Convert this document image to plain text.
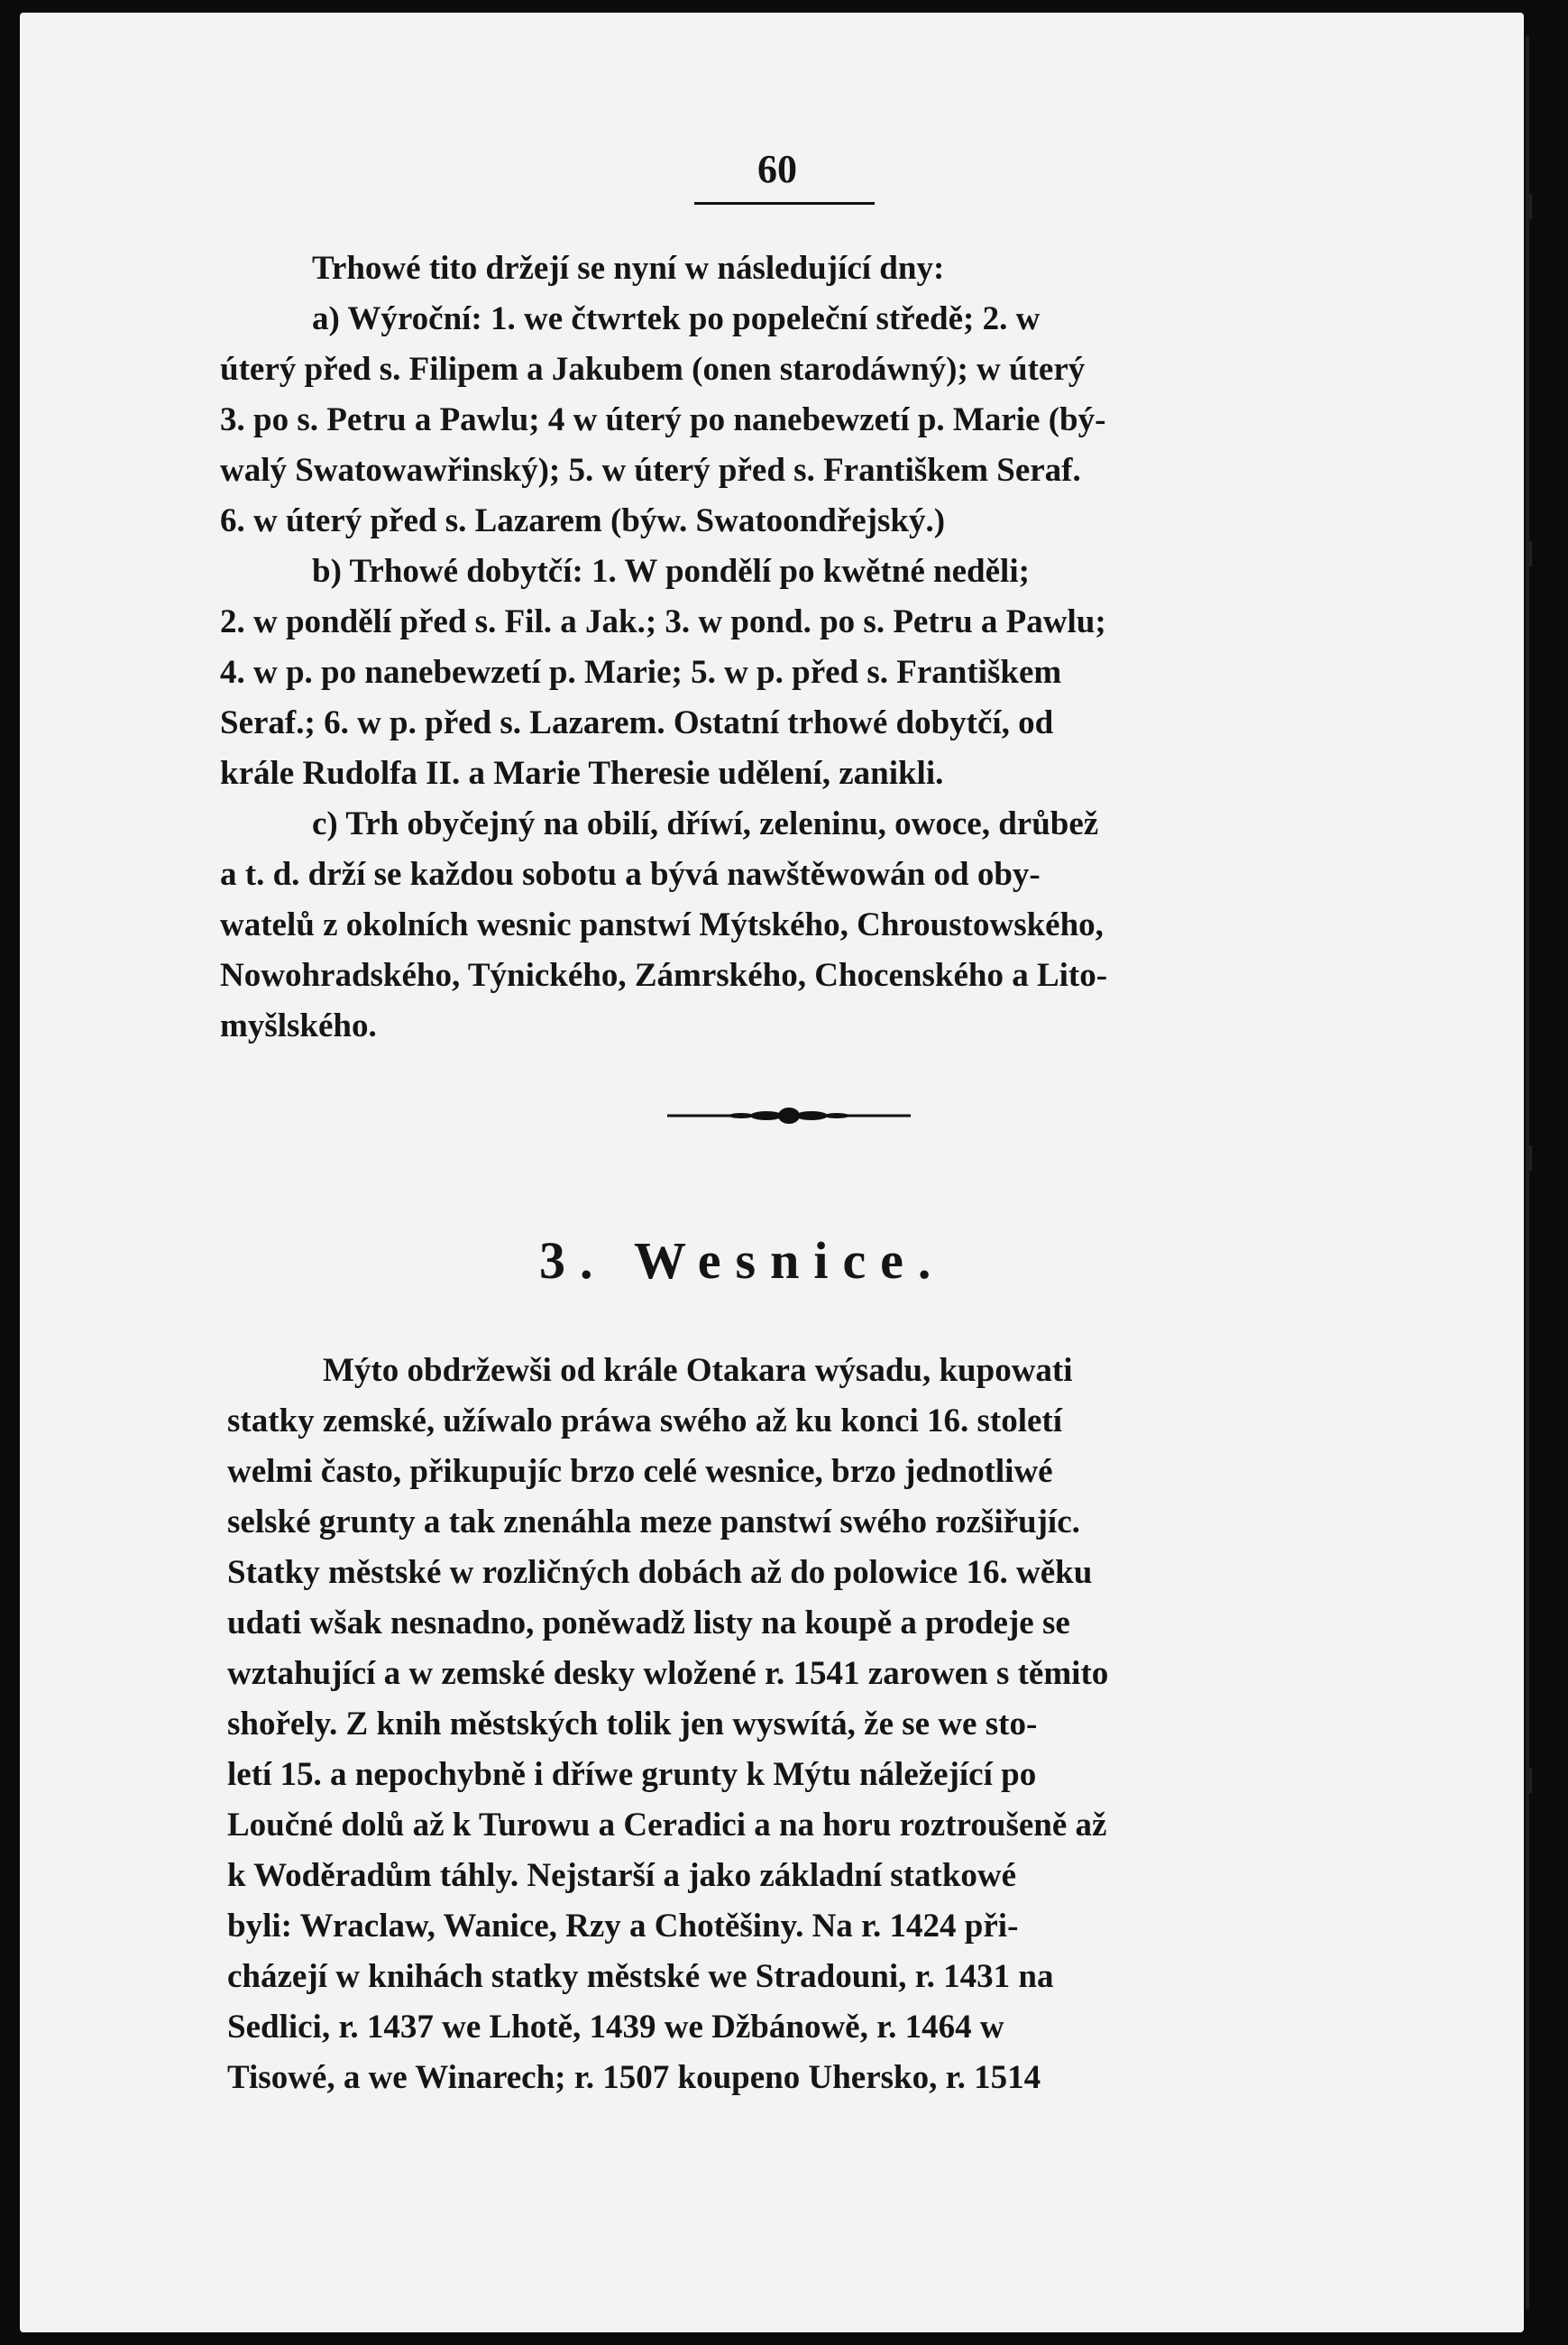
60
Trhowé tito držejí se nyní w následující dny:
a) Wýroční: 1. we čtwrtek po popeleční středě; 2. w
úterý před s. Filipem a Jakubem (onen starodáwný); w úterý
3. po s. Petru a Pawlu; 4 w úterý po nanebewzetí p. Marie (bý-
walý Swatowawřinský); 5. w úterý před s. Františkem Seraf.
6. w úterý před s. Lazarem (býw. Swatoondřejský.)
b) Trhowé dobytčí: 1. W pondělí po kwětné neděli;
2. w pondělí před s. Fil. a Jak.; 3. w pond. po s. Petru a Pawlu;
4. w p. po nanebewzetí p. Marie; 5. w p. před s. Františkem
Seraf.; 6. w p. před s. Lazarem. Ostatní trhowé dobytčí, od
krále Rudolfa II. a Marie Theresie udělení, zanikli.
c) Trh obyčejný na obilí, dříwí, zeleninu, owoce, drůbež
a t. d. drží se každou sobotu a bývá nawštěwowán od oby-
watelů z okolních wesnic panstwí Mýtského, Chroustowského,
Nowohradského, Týnického, Zámrského, Chocenského a Lito-
myšlského.
3. Wesnice.
Mýto obdržewši od krále Otakara wýsadu, kupowati
statky zemské, užíwalo práwa swého až ku konci 16. století
welmi často, přikupujíc brzo celé wesnice, brzo jednotliwé
selské grunty a tak znenáhla meze panstwí swého rozšiřujíc.
Statky městské w rozličných dobách až do polowice 16. wěku
udati wšak nesnadno, poněwadž listy na koupě a prodeje se
wztahující a w zemské desky wložené r. 1541 zarowen s těmito
shořely. Z knih městských tolik jen wyswítá, že se we sto-
letí 15. a nepochybně i dříwe grunty k Mýtu náležející po
Loučné dolů až k Turowu a Ceradici a na horu roztroušeně až
k Woděradům táhly. Nejstarší a jako základní statkowé
byli: Wraclaw, Wanice, Rzy a Chotěšiny. Na r. 1424 při-
cházejí w knihách statky městské we Stradouni, r. 1431 na
Sedlici, r. 1437 we Lhotě, 1439 we Džbánowě, r. 1464 w
Tisowé, a we Winarech; r. 1507 koupeno Uhersko, r. 1514
